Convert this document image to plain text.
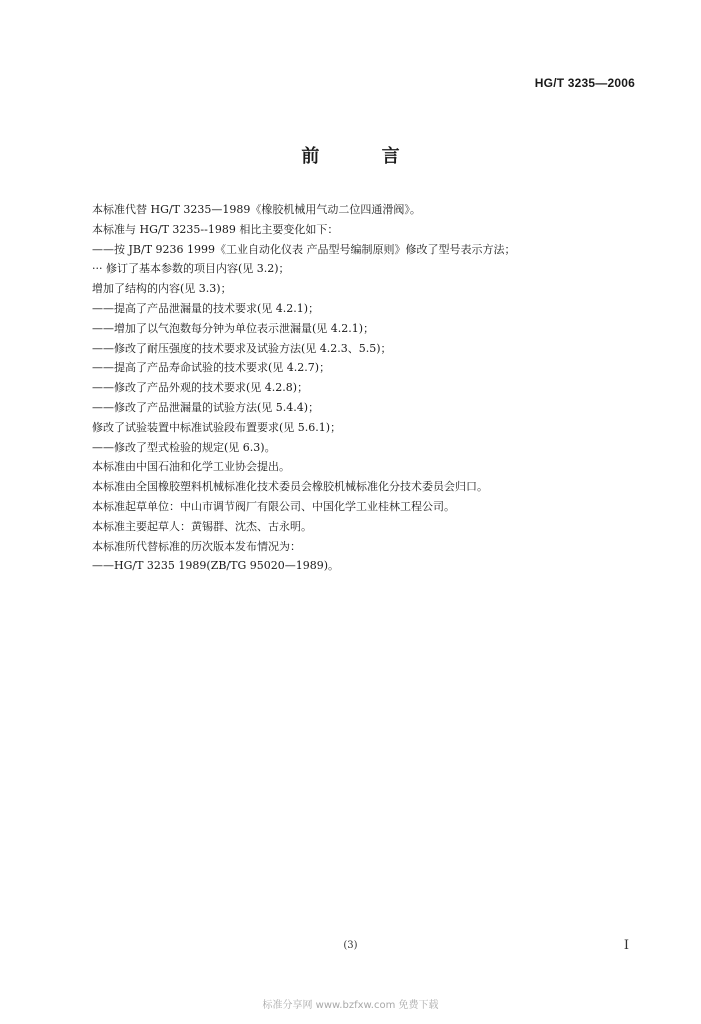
HG/T 3235—2006
前 言
本标准代替 HG/T 3235—1989《橡胶机械用气动二位四通滑阀》。
本标准与 HG/T 3235--1989 相比主要变化如下：
——按 JB/T 9236 1999《工业自动化仪表 产品型号编制原则》修改了型号表示方法；
··· 修订了基本参数的项目内容(见 3.2)；
增加了结构的内容(见 3.3)；
——提高了产品泄漏量的技术要求(见 4.2.1)；
——增加了以气泡数每分钟为单位表示泄漏量(见 4.2.1)；
——修改了耐压强度的技术要求及试验方法(见 4.2.3、5.5)；
——提高了产品寿命试验的技术要求(见 4.2.7)；
——修改了产品外观的技术要求(见 4.2.8)；
——修改了产品泄漏量的试验方法(见 5.4.4)；
修改了试验装置中标准试验段布置要求(见 5.6.1)；
——修改了型式检验的规定(见 6.3)。
本标准由中国石油和化学工业协会提出。
本标准由全国橡胶塑料机械标准化技术委员会橡胶机械标准化分技术委员会归口。
本标准起草单位：中山市调节阀厂有限公司、中国化学工业桂林工程公司。
本标准主要起草人：黄锡群、沈杰、古永明。
本标准所代替标准的历次版本发布情况为：
——HG/T 3235 1989(ZB/TG 95020—1989)。
(3)	I
标准分享网 www.bzfxw.com 免费下载
